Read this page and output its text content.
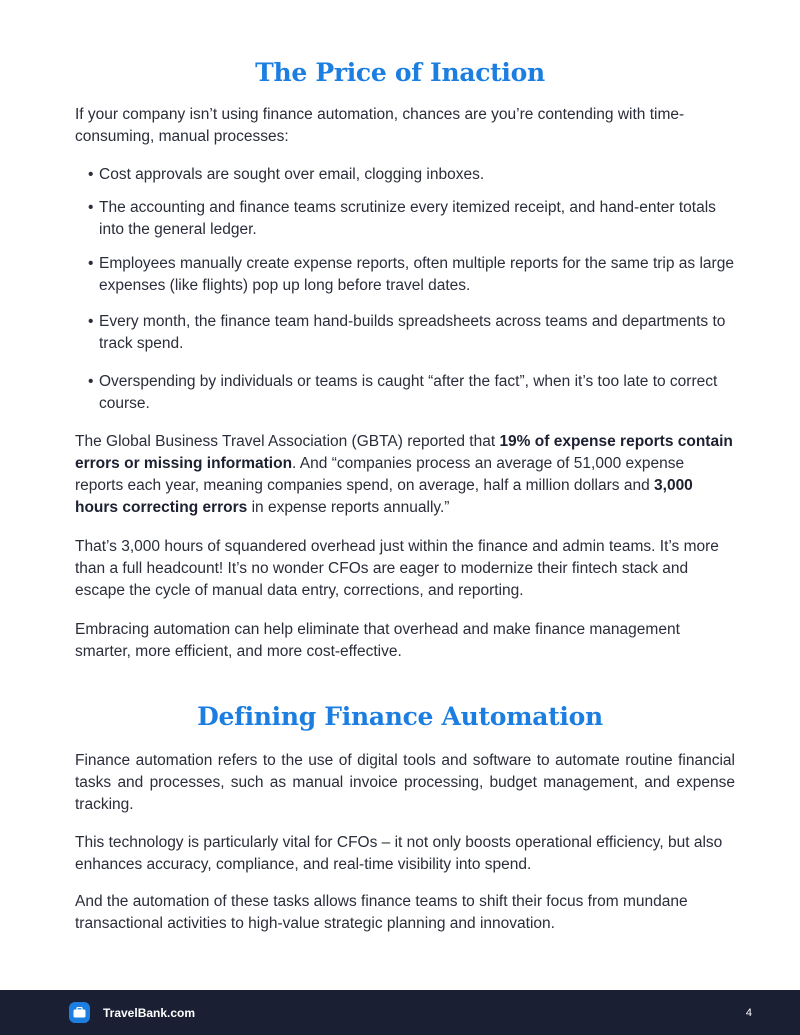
The Price of Inaction

If your company isn’t using finance automation, chances are you’re contending with time-consuming, manual processes:

• Cost approvals are sought over email, clogging inboxes.
• The accounting and finance teams scrutinize every itemized receipt, and hand-enter totals into the general ledger.
• Employees manually create expense reports, often multiple reports for the same trip as large expenses (like flights) pop up long before travel dates.
• Every month, the finance team hand-builds spreadsheets across teams and departments to track spend.
• Overspending by individuals or teams is caught “after the fact”, when it’s too late to correct course.

The Global Business Travel Association (GBTA) reported that 19% of expense reports contain errors or missing information. And “companies process an average of 51,000 expense reports each year, meaning companies spend, on average, half a million dollars and 3,000 hours correcting errors in expense reports annually.”

That’s 3,000 hours of squandered overhead just within the finance and admin teams. It’s more than a full headcount! It’s no wonder CFOs are eager to modernize their fintech stack and escape the cycle of manual data entry, corrections, and reporting.

Embracing automation can help eliminate that overhead and make finance management smarter, more efficient, and more cost-effective.

Defining Finance Automation

Finance automation refers to the use of digital tools and software to automate routine financial tasks and processes, such as manual invoice processing, budget management, and expense tracking.

This technology is particularly vital for CFOs – it not only boosts operational efficiency, but also enhances accuracy, compliance, and real-time visibility into spend.

And the automation of these tasks allows finance teams to shift their focus from mundane transactional activities to high-value strategic planning and innovation.

TravelBank.com	4
